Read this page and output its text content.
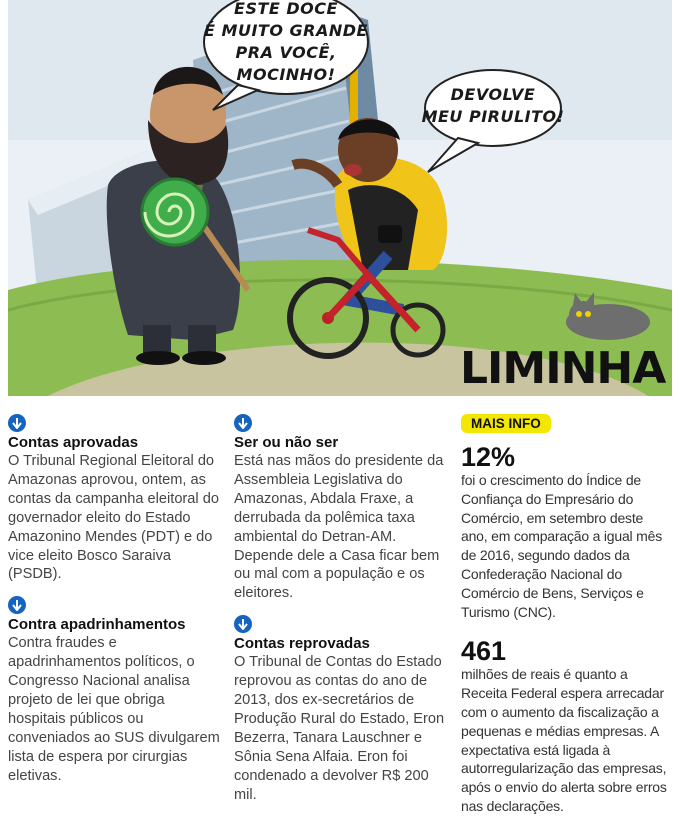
ESTE DOCE
É MUITO GRANDE
PRA VOCÊ,
MOCINHO!
DEVOLVE
MEU PIRULITO!
LIMINHA
Contas aprovadas

O Tribunal Regional Eleitoral do Amazonas aprovou, ontem, as contas da campanha eleitoral do governador eleito do Estado Amazonino Mendes (PDT) e do vice eleito Bosco Saraiva (PSDB).

Contra apadrinhamentos

Contra fraudes e apadrinhamentos políticos, o Congresso Nacional analisa projeto de lei que obriga hospitais públicos ou conveniados ao SUS divulgarem lista de espera por cirurgias eletivas.

Ser ou não ser

Está nas mãos do presidente da Assembleia Legislativa do Amazonas, Abdala Fraxe, a derrubada da polêmica taxa ambiental do Detran-AM. Depende dele a Casa ficar bem ou mal com a população e os eleitores.

Contas reprovadas

O Tribunal de Contas do Estado reprovou as contas do ano de 2013, dos ex-secretários de Produção Rural do Estado, Eron Bezerra, Tanara Lauschner e Sônia Sena Alfaia. Eron foi condenado a devolver R$ 200 mil.

MAIS INFO
12%

foi o crescimento do Índice de Confiança do Empresário do Comércio, em setembro deste ano, em comparação a igual mês de 2016, segundo dados da Confederação Nacional do Comércio de Bens, Serviços e Turismo (CNC).

461

milhões de reais é quanto a Receita Federal espera arrecadar com o aumento da fiscalização a pequenas e médias empresas. A expectativa está ligada à autorregularização das empresas, após o envio do alerta sobre erros nas declarações.
